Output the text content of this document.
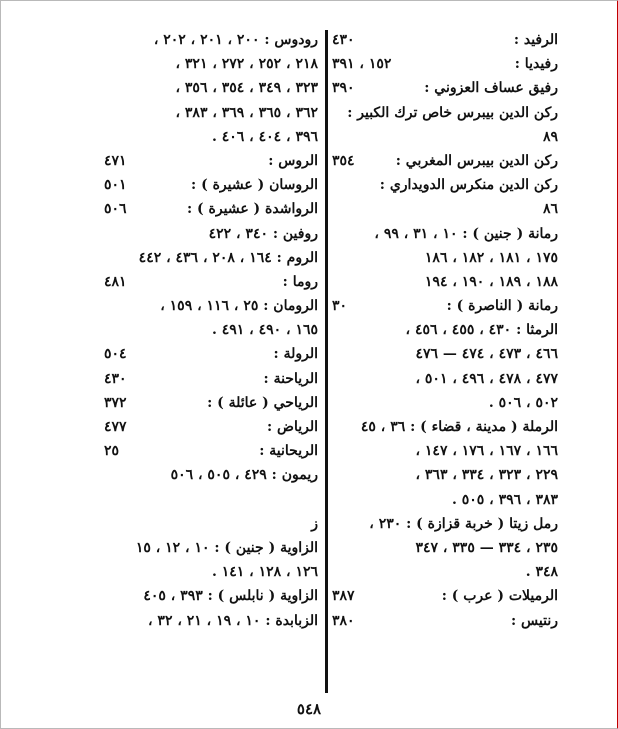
الرفيد :
٤٣٠
رفيديا :
١٥٢ ، ٣٩١
رفيق عساف العزوني :
٣٩٠
ركن الدين بيبرس خاص ترك الكبير :
٨٩
ركن الدين بيبرس المغربي :
٣٥٤
ركن الدين منكرس الدويداري :
٨٦
رمانة ( جنين ) : ١٠ ، ٣١ ، ٩٩ ،
١٧٥ ، ١٨١ ، ١٨٢ ، ١٨٦
١٨٨ ، ١٨٩ ، ١٩٠ ، ١٩٤
رمانة ( الناصرة ) :
٣٠
الرمثا : ٤٣٠ ، ٤٥٥ ، ٤٥٦ ،
٤٦٦ ، ٤٧٣ ، ٤٧٤ — ٤٧٦
٤٧٧ ، ٤٧٨ ، ٤٩٦ ، ٥٠١ ،
٥٠٢ ، ٥٠٦ .
الرملة ( مدينة ، قضاء ) : ٣٦ ، ٤٥
١٦٦ ، ١٦٧ ، ١٧٦ ، ١٤٧ ،
٢٢٩ ، ٣٢٣ ، ٣٣٤ ، ٣٦٣ ،
٣٨٣ ، ٣٩٦ ، ٥٠٥ .
رمل زيتا ( خربة قزازة ) : ٢٣٠ ،
٢٣٥ ، ٣٣٤ — ٣٣٥ ، ٣٤٧
٣٤٨ .
الرميلات ( عرب ) :
٣٨٧
رنتيس :
٣٨٠
رودوس : ٢٠٠ ، ٢٠١ ، ٢٠٢ ،
٢١٨ ، ٢٥٢ ، ٢٧٢ ، ٣٢١ ،
٣٢٣ ، ٣٤٩ ، ٣٥٤ ، ٣٥٦ ،
٣٦٢ ، ٣٦٥ ، ٣٦٩ ، ٣٨٣ ،
٣٩٦ ، ٤٠٤ ، ٤٠٦ .
الروس :
٤٧١
الروسان ( عشيرة ) :
٥٠١
الرواشدة ( عشيرة ) :
٥٠٦
روفين : ٣٤٠ ، ٤٢٢
الروم : ١٦٤ ، ٢٠٨ ، ٤٣٦ ، ٤٤٢
روما :
٤٨١
الرومان : ٢٥ ، ١١٦ ، ١٥٩ ،
١٦٥ ، ٤٩٠ ، ٤٩١ .
الرولة :
٥٠٤
الرياحنة :
٤٣٠
الرياحي ( عائلة ) :
٣٧٢
الرياض :
٤٧٧
الريحانية :
٢٥
ريمون : ٤٢٩ ، ٥٠٥ ، ٥٠٦
ز
الزاوية ( جنين ) : ١٠ ، ١٢ ، ١٥
١٢٦ ، ١٢٨ ، ١٤١ .
الزاوية ( نابلس ) : ٣٩٣ ، ٤٠٥
الزبابدة : ١٠ ، ١٩ ، ٢١ ، ٣٢ ،
٥٤٨
